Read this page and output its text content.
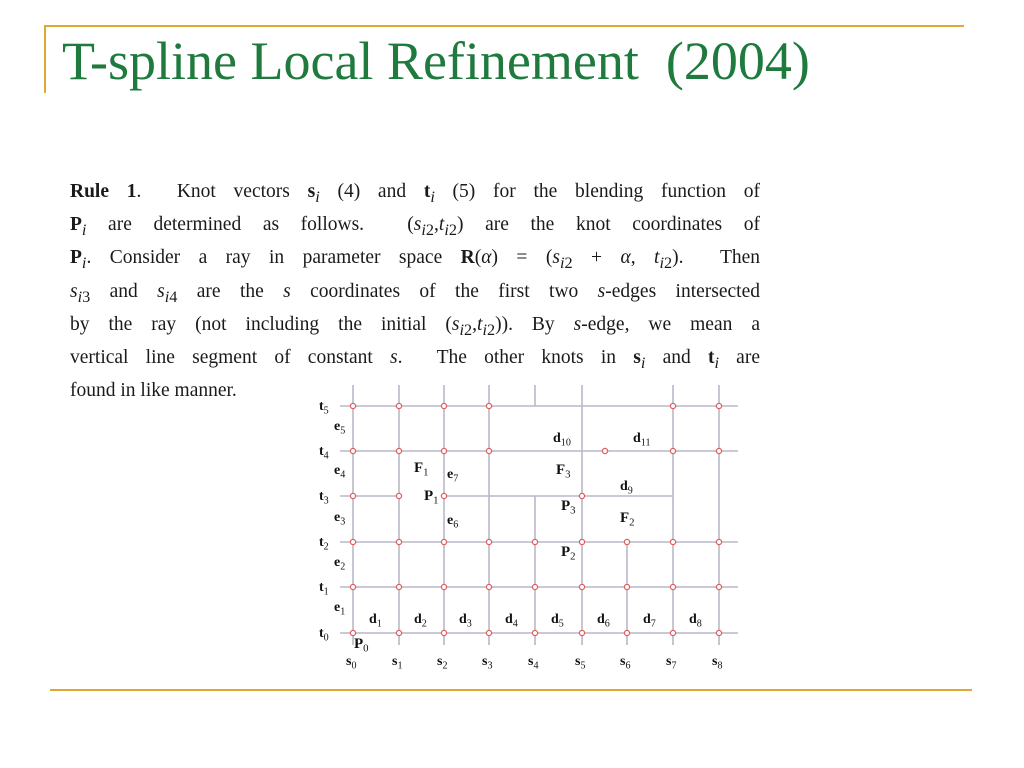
T-spline Local Refinement  (2004)
Rule 1.  Knot vectors $s_i$ (4) and $t_i$ (5) for the blending function of
$P_i$ are determined as follows.  $(s_{i2},t_{i2})$ are the knot coordinates of
$P_i$. Consider a ray in parameter space $R(\alpha) = (s_{i2} + \alpha$, $t_{i2}$).  Then
$s_{i3}$ and $s_{i4}$ are the s coordinates of the first two s-edges intersected
by the ray (not including the initial $(s_{i2},t_{i2})$). By s-edge, we mean a
vertical line segment of constant s.  The other knots in $s_i$ and $t_i$ are
found in like manner.
$s_0$	$s_1$ $s_2$ $s_3$	$s_4$	$s_5$ $s_6$	$s_7$	$s_8$
$t_0$
$t_1$
$t_2$
$t_3$
$t_4$
$t_5$
$e_1$
$e_2$
$e_3$
$e_4$
$e_5$
$e_6$
$e_7$
$d_1$ $d_2$ $d_3$ $d_4$ $d_5$ $d_6$ $d_7$ $d_8$
$d_9$
$d_{10}$	$d_{11}$
$F_1$
$F_2$
$F_3$
$P_0$
$P_1$
$P_2$
$P_3$
